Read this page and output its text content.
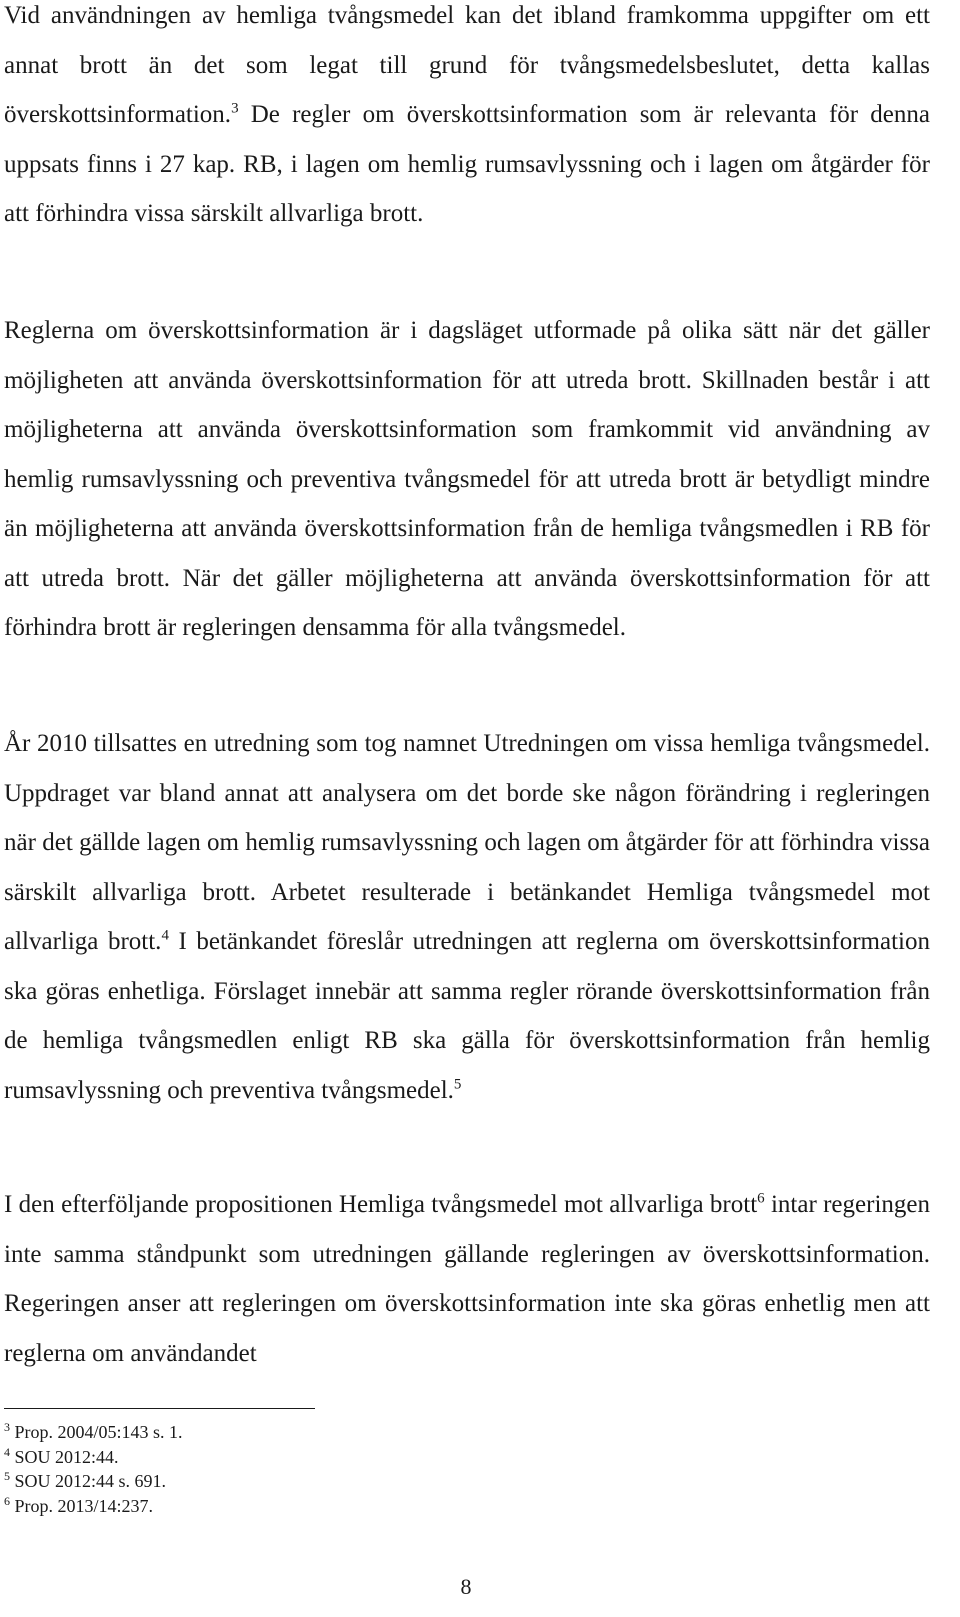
Vid användningen av hemliga tvångsmedel kan det ibland framkomma uppgifter om ett annat brott än det som legat till grund för tvångsmedelsbeslutet, detta kallas överskottsinformation.$^3$ De regler om överskottsinformation som är relevanta för denna uppsats finns i 27 kap. RB, i lagen om hemlig rumsavlyssning och i lagen om åtgärder för att förhindra vissa särskilt allvarliga brott.

Reglerna om överskottsinformation är i dagsläget utformade på olika sätt när det gäller möjligheten att använda överskottsinformation för att utreda brott. Skillnaden består i att möjligheterna att använda överskottsinformation som framkommit vid användning av hemlig rumsavlyssning och preventiva tvångsmedel för att utreda brott är betydligt mindre än möjligheterna att använda överskottsinformation från de hemliga tvångsmedlen i RB för att utreda brott. När det gäller möjligheterna att använda överskottsinformation för att förhindra brott är regleringen densamma för alla tvångsmedel.

År 2010 tillsattes en utredning som tog namnet Utredningen om vissa hemliga tvångsmedel. Uppdraget var bland annat att analysera om det borde ske någon förändring i regleringen när det gällde lagen om hemlig rumsavlyssning och lagen om åtgärder för att förhindra vissa särskilt allvarliga brott. Arbetet resulterade i betänkandet Hemliga tvångsmedel mot allvarliga brott.$^4$ I betänkandet föreslår utredningen att reglerna om överskottsinformation ska göras enhetliga. Förslaget innebär att samma regler rörande överskottsinformation från de hemliga tvångsmedlen enligt RB ska gälla för överskottsinformation från hemlig rumsavlyssning och preventiva tvångsmedel.$^5$

I den efterföljande propositionen Hemliga tvångsmedel mot allvarliga brott$^6$ intar regeringen inte samma ståndpunkt som utredningen gällande regleringen av överskottsinformation. Regeringen anser att regleringen om överskottsinformation inte ska göras enhetlig men att reglerna om användandet

$^3$ Prop. 2004/05:143 s. 1.
$^4$ SOU 2012:44.
$^5$ SOU 2012:44 s. 691.
$^6$ Prop. 2013/14:237.
8
